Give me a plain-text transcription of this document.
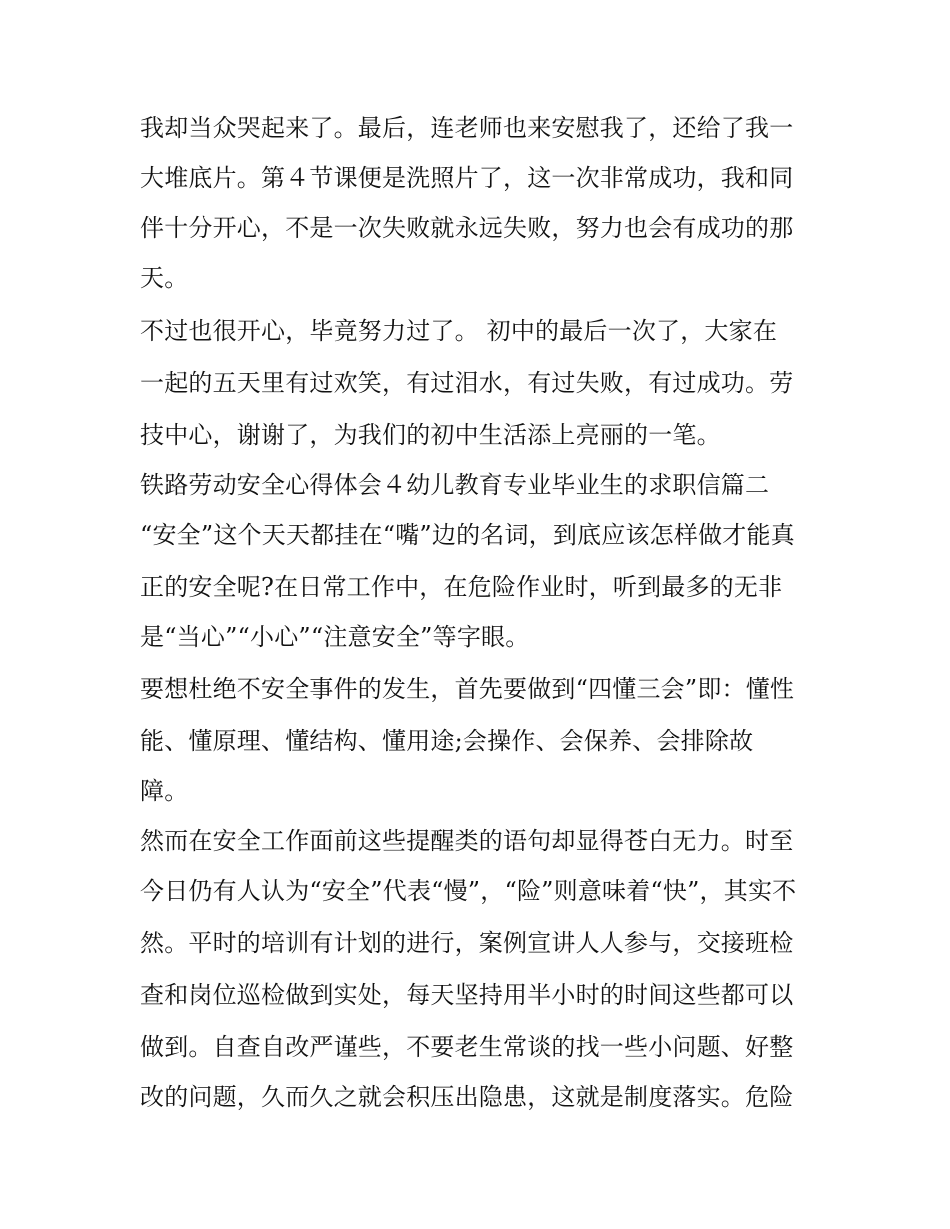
我却当众哭起来了。最后，连老师也来安慰我了，还给了我一
大堆底片。第４节课便是洗照片了，这一次非常成功，我和同
伴十分开心，不是一次失败就永远失败，努力也会有成功的那
天。
不过也很开心，毕竟努力过了。 初中的最后一次了，大家在
一起的五天里有过欢笑，有过泪水，有过失败，有过成功。劳
技中心，谢谢了，为我们的初中生活添上亮丽的一笔。
铁路劳动安全心得体会４幼儿教育专业毕业生的求职信篇二
“安全”这个天天都挂在“嘴”边的名词，到底应该怎样做才能真
正的安全呢?在日常工作中，在危险作业时，听到最多的无非
是“当心”“小心”“注意安全”等字眼。
要想杜绝不安全事件的发生，首先要做到“四懂三会”即：懂性
能、懂原理、懂结构、懂用途;会操作、会保养、会排除故
障。
然而在安全工作面前这些提醒类的语句却显得苍白无力。时至
今日仍有人认为“安全”代表“慢”，“险”则意味着“快”，其实不
然。平时的培训有计划的进行，案例宣讲人人参与，交接班检
查和岗位巡检做到实处，每天坚持用半小时的时间这些都可以
做到。自查自改严谨些，不要老生常谈的找一些小问题、好整
改的问题，久而久之就会积压出隐患，这就是制度落实。危险
